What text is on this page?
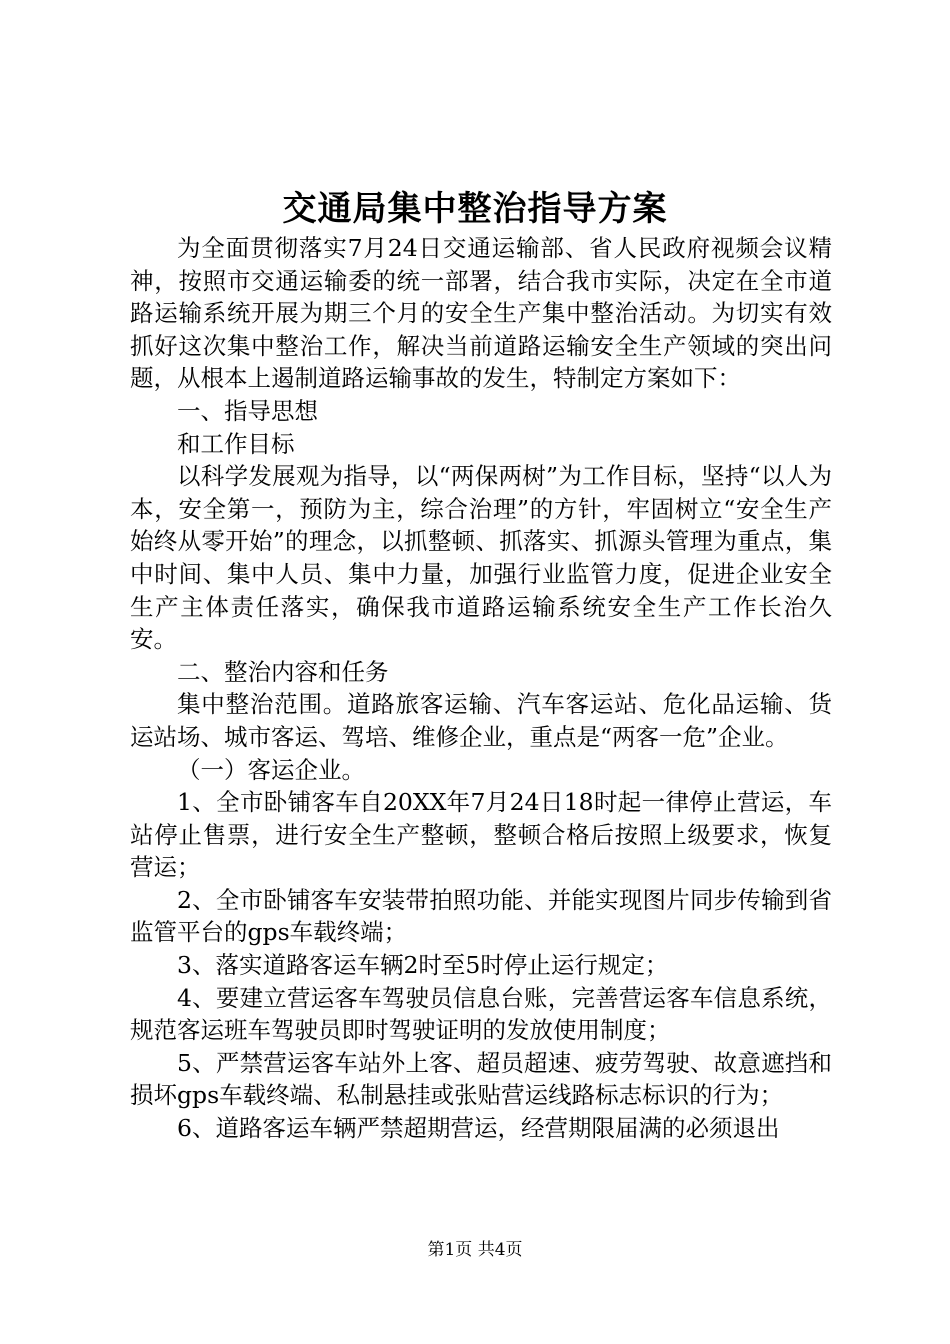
交通局集中整治指导方案

为全面贯彻落实7月24日交通运输部、省人民政府视频会议精神，按照市交通运输委的统一部署，结合我市实际，决定在全市道路运输系统开展为期三个月的安全生产集中整治活动。为切实有效抓好这次集中整治工作，解决当前道路运输安全生产领域的突出问题，从根本上遏制道路运输事故的发生，特制定方案如下：

一、指导思想

和工作目标

以科学发展观为指导，以“两保两树”为工作目标，坚持“以人为本，安全第一，预防为主，综合治理”的方针，牢固树立“安全生产始终从零开始”的理念，以抓整顿、抓落实、抓源头管理为重点，集中时间、集中人员、集中力量，加强行业监管力度，促进企业安全生产主体责任落实，确保我市道路运输系统安全生产工作长治久安。

二、整治内容和任务

集中整治范围。道路旅客运输、汽车客运站、危化品运输、货运站场、城市客运、驾培、维修企业，重点是“两客一危”企业。

（一）客运企业。

1、全市卧铺客车自20XX年7月24日18时起一律停止营运，车站停止售票，进行安全生产整顿，整顿合格后按照上级要求，恢复营运；

2、全市卧铺客车安装带拍照功能、并能实现图片同步传输到省监管平台的gps车载终端；

3、落实道路客运车辆2时至5时停止运行规定；

4、要建立营运客车驾驶员信息台账，完善营运客车信息系统，规范客运班车驾驶员即时驾驶证明的发放使用制度；

5、严禁营运客车站外上客、超员超速、疲劳驾驶、故意遮挡和损坏gps车载终端、私制悬挂或张贴营运线路标志标识的行为；

6、道路客运车辆严禁超期营运，经营期限届满的必须退出

第1页 共4页
